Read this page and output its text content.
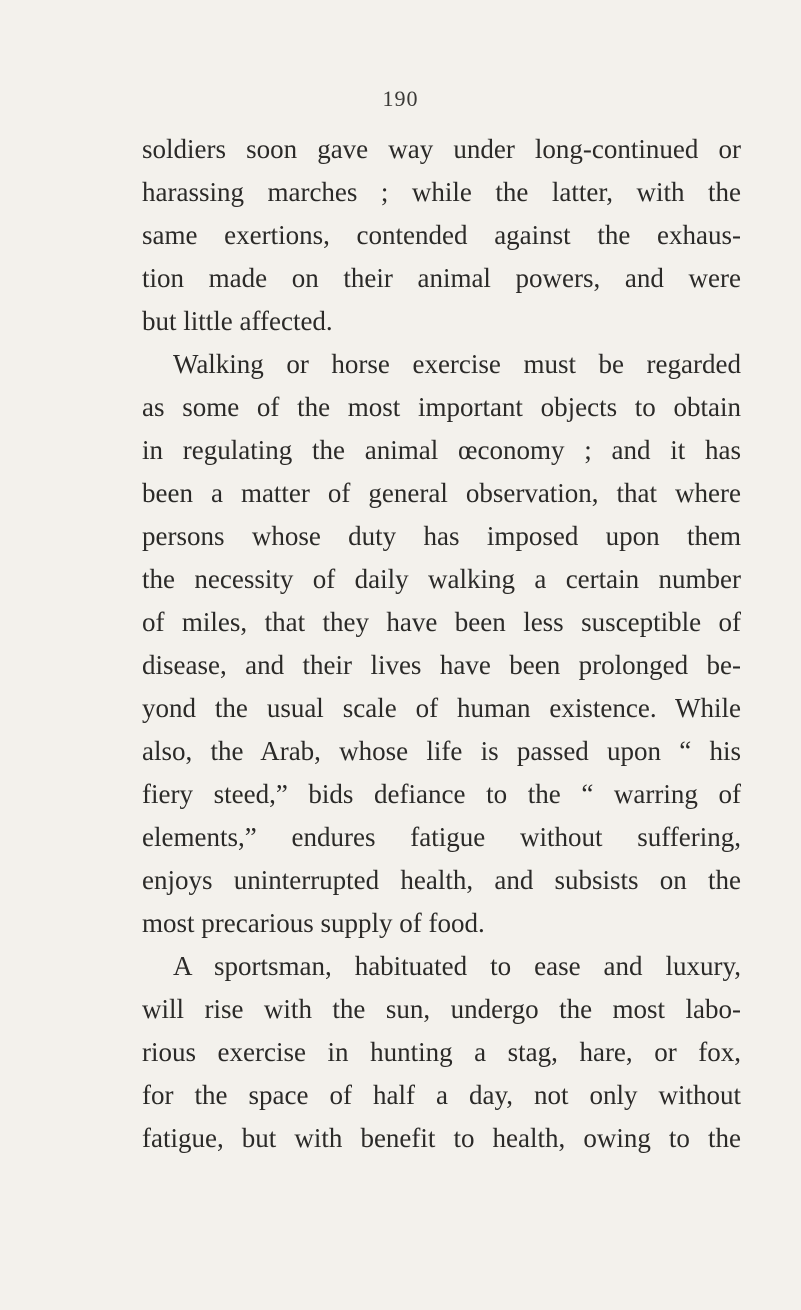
190
soldiers soon gave way under long-continued or
harassing marches ; while the latter, with the
same exertions, contended against the exhaus-
tion made on their animal powers, and were
but little affected.
Walking or horse exercise must be regarded
as some of the most important objects to obtain
in regulating the animal œconomy ; and it has
been a matter of general observation, that where
persons whose duty has imposed upon them
the necessity of daily walking a certain number
of miles, that they have been less susceptible of
disease, and their lives have been prolonged be-
yond the usual scale of human existence. While
also, the Arab, whose life is passed upon “ his
fiery steed,” bids defiance to the “ warring of
elements,” endures fatigue without suffering,
enjoys uninterrupted health, and subsists on the
most precarious supply of food.
A sportsman, habituated to ease and luxury,
will rise with the sun, undergo the most labo-
rious exercise in hunting a stag, hare, or fox,
for the space of half a day, not only without
fatigue, but with benefit to health, owing to the
